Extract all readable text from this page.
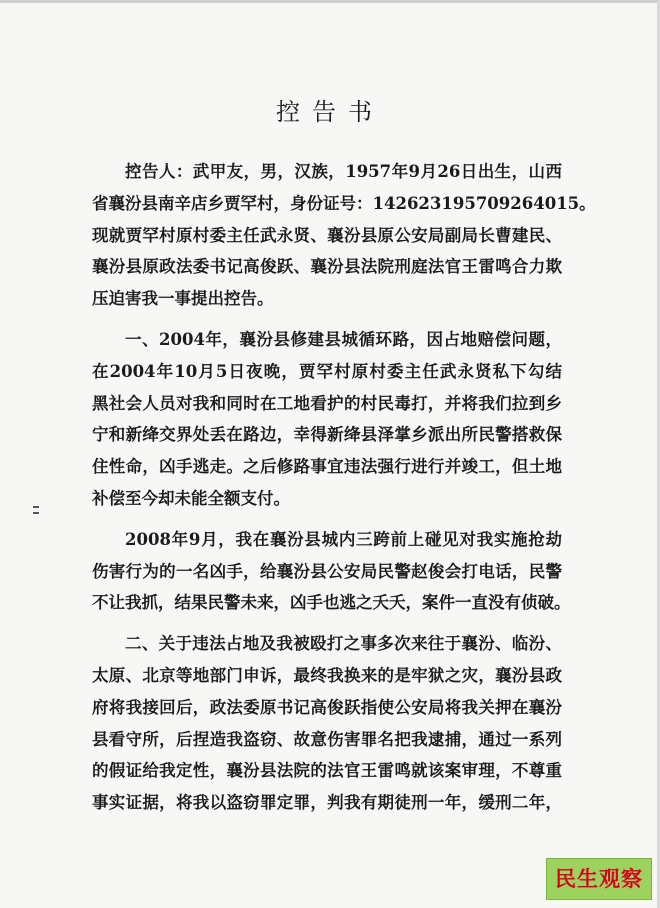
控告书
控告人：武甲友，男，汉族，1957年9月26日出生，山西
省襄汾县南辛店乡贾罕村，身份证号：142623195709264015。
现就贾罕村原村委主任武永贤、襄汾县原公安局副局长曹建民、
襄汾县原政法委书记高俊跃、襄汾县法院刑庭法官王雷鸣合力欺
压迫害我一事提出控告。
一、2004年，襄汾县修建县城循环路，因占地赔偿问题，
在2004年10月5日夜晚，贾罕村原村委主任武永贤私下勾结
黑社会人员对我和同时在工地看护的村民毒打，并将我们拉到乡
宁和新绛交界处丢在路边，幸得新绛县泽掌乡派出所民警搭救保
住性命，凶手逃走。之后修路事宜违法强行进行并竣工，但土地
补偿至今却未能全额支付。
2008年9月，我在襄汾县城内三跨前上碰见对我实施抢劫
伤害行为的一名凶手，给襄汾县公安局民警赵俊会打电话，民警
不让我抓，结果民警未来，凶手也逃之夭夭，案件一直没有侦破。
二、关于违法占地及我被殴打之事多次来往于襄汾、临汾、
太原、北京等地部门申诉，最终我换来的是牢狱之灾，襄汾县政
府将我接回后，政法委原书记高俊跃指使公安局将我关押在襄汾
县看守所，后捏造我盗窃、故意伤害罪名把我逮捕，通过一系列
的假证给我定性，襄汾县法院的法官王雷鸣就该案审理，不尊重
事实证据，将我以盗窃罪定罪，判我有期徒刑一年，缓刑二年，
民生观察
